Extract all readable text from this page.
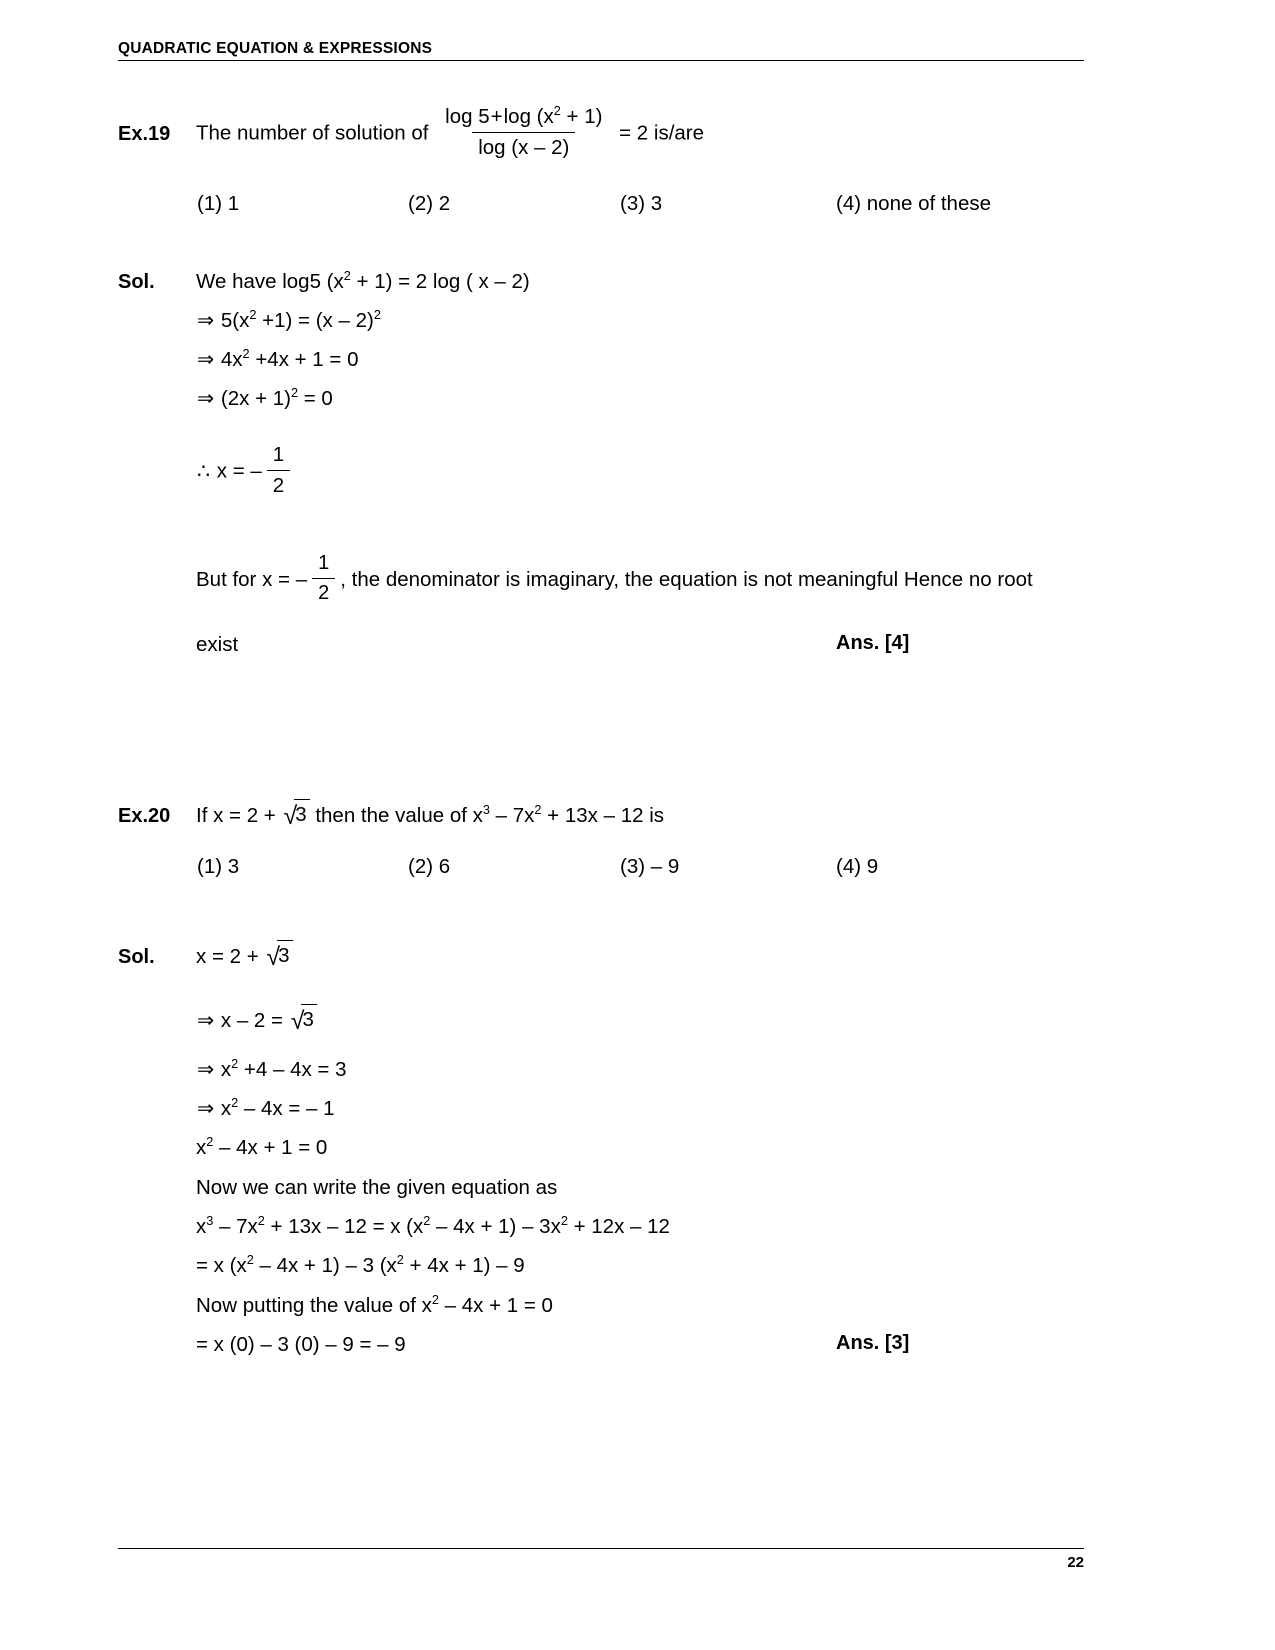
QUADRATIC EQUATION & EXPRESSIONS
Ex.19	The number of solution of $\frac{\log 5+\log (x^2 + 1)}{\log (x - 2)} = 2$ is/are
(1) 1	(2) 2	(3) 3	(4) none of these
Sol.	We have log5 $(x^2 + 1) = 2$ log ( x – 2)
⇒ $5(x^2 +1) = (x - 2)^2$
⇒ $4x^2 +4x + 1 = 0$
⇒ $(2x + 1)^2 = 0$
∴ x = – $\frac{1}{2}$
But for x = – $\frac{1}{2}$ , the denominator is imaginary, the equation is not meaningful Hence no root
exist	Ans. [4]
Ex.20	If x = 2 + √3 then the value of $x^3 - 7x^2 + 13x - 12$ is
(1) 3	(2) 6	(3) – 9	(4) 9
Sol.	x = 2 + √3
⇒ x – 2 = √3
⇒ $x^2 +4 - 4x = 3$
⇒ $x^2 - 4x$ = – 1
$x^2 - 4x + 1 = 0$
Now we can write the given equation as
$x^3 - 7x^2 + 13x - 12 = x$ $(x^2 - 4x + 1) - 3x^2 + 12x - 12$
= x $(x^2 - 4x + 1) - 3$ $(x^2 + 4x + 1) - 9$
Now putting the value of $x^2 - 4x + 1 = 0$
= x (0) – 3 (0) – 9 = – 9	Ans. [3]
22
